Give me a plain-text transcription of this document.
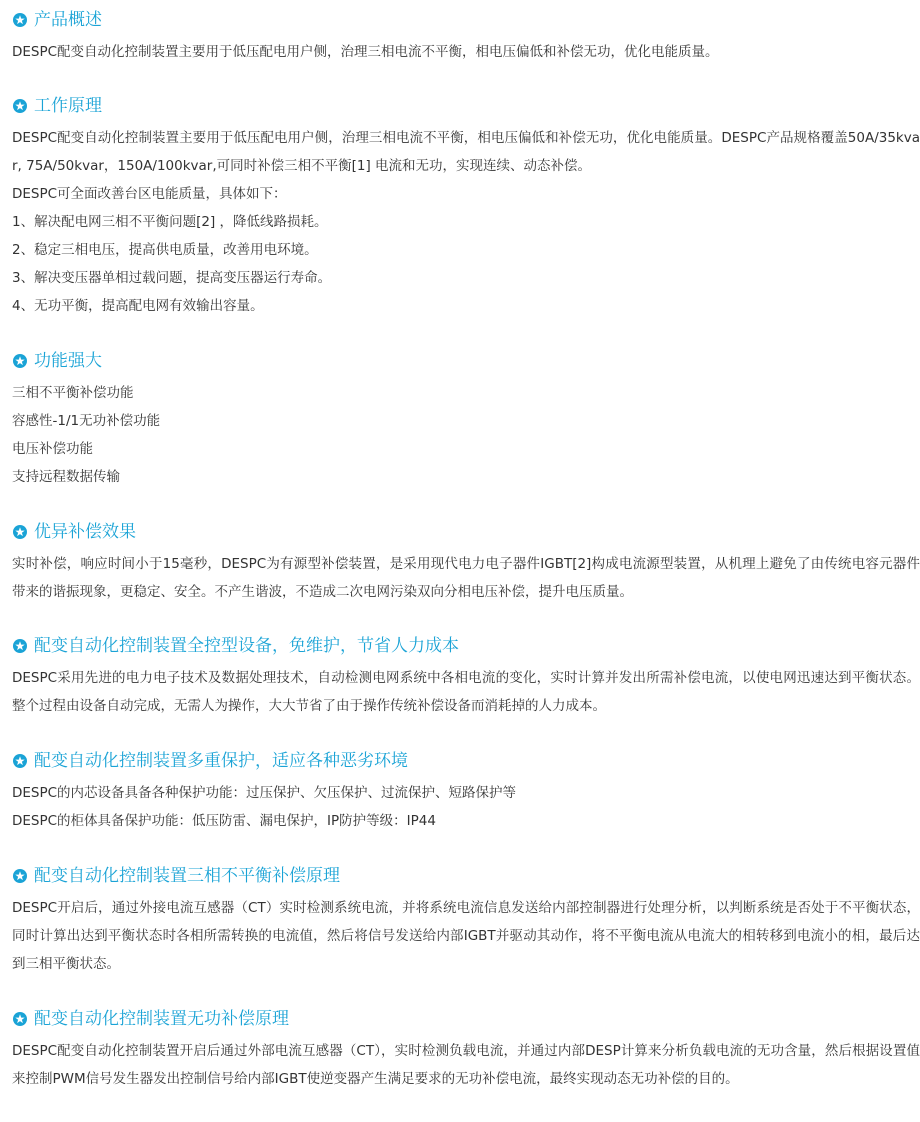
产品概述

DESPC配变自动化控制装置主要用于低压配电用户侧，治理三相电流不平衡，相电压偏低和补偿无功，优化电能质量。

工作原理

DESPC配变自动化控制装置主要用于低压配电用户侧，治理三相电流不平衡，相电压偏低和补偿无功，优化电能质量。DESPC产品规格覆盖50A/35kvar, 75A/50kvar，150A/100kvar,可同时补偿三相不平衡[1] 电流和无功，实现连续、动态补偿。

DESPC可全面改善台区电能质量，具体如下：

1、解决配电网三相不平衡问题[2] ，降低线路损耗。

2、稳定三相电压，提高供电质量，改善用电环境。

3、解决变压器单相过载问题，提高变压器运行寿命。

4、无功平衡，提高配电网有效输出容量。

功能强大

三相不平衡补偿功能

容感性-1/1无功补偿功能

电压补偿功能

支持远程数据传输

优异补偿效果

实时补偿，响应时间小于15毫秒，DESPC为有源型补偿装置，是采用现代电力电子器件IGBT[2]构成电流源型装置，从机理上避免了由传统电容元器件带来的谐振现象，更稳定、安全。不产生谐波，不造成二次电网污染双向分相电压补偿，提升电压质量。

配变自动化控制装置全控型设备，免维护，节省人力成本

DESPC采用先进的电力电子技术及数据处理技术，自动检测电网系统中各相电流的变化，实时计算并发出所需补偿电流，以使电网迅速达到平衡状态。整个过程由设备自动完成，无需人为操作，大大节省了由于操作传统补偿设备而消耗掉的人力成本。

配变自动化控制装置多重保护，适应各种恶劣环境

DESPC的内芯设备具备各种保护功能：过压保护、欠压保护、过流保护、短路保护等

DESPC的柜体具备保护功能：低压防雷、漏电保护，IP防护等级：IP44

配变自动化控制装置三相不平衡补偿原理

DESPC开启后，通过外接电流互感器（CT）实时检测系统电流，并将系统电流信息发送给内部控制器进行处理分析，以判断系统是否处于不平衡状态，同时计算出达到平衡状态时各相所需转换的电流值，然后将信号发送给内部IGBT并驱动其动作，将不平衡电流从电流大的相转移到电流小的相，最后达到三相平衡状态。

配变自动化控制装置无功补偿原理

DESPC配变自动化控制装置开启后通过外部电流互感器（CT），实时检测负载电流，并通过内部DESP计算来分析负载电流的无功含量，然后根据设置值来控制PWM信号发生器发出控制信号给内部IGBT使逆变器产生满足要求的无功补偿电流，最终实现动态无功补偿的目的。
